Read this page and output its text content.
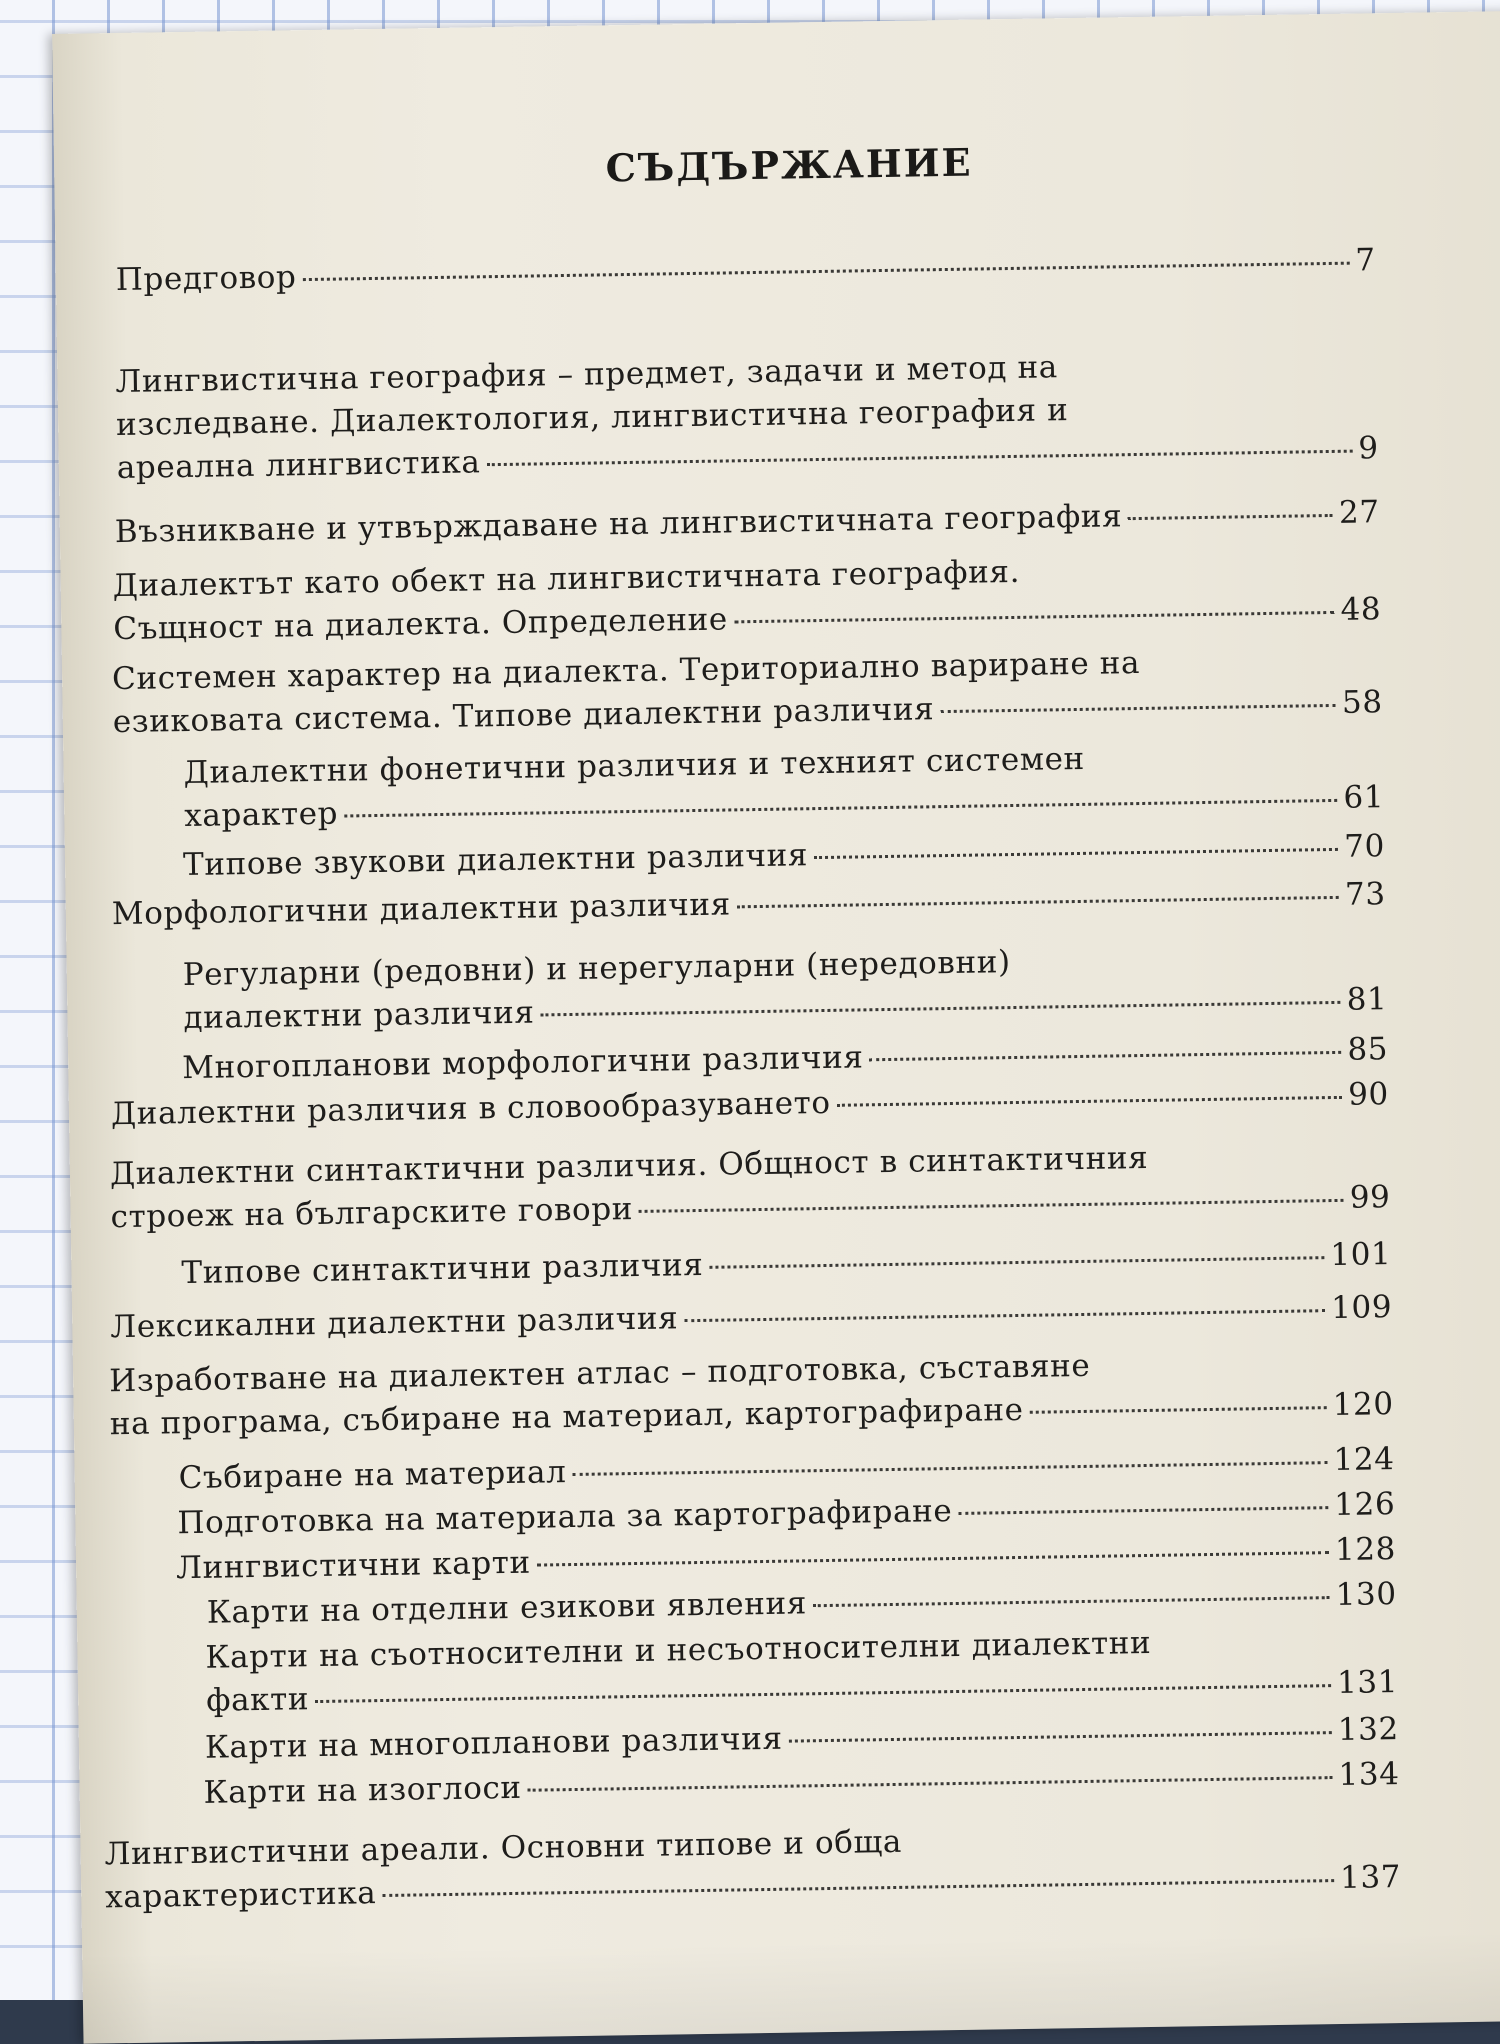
СЪДЪРЖАНИЕ
Предговор	7
Лингвистична география – предмет, задачи и метод на
изследване. Диалектология, лингвистична география и
ареална лингвистика	9
Възникване и утвърждаване на лингвистичната география	27
Диалектът като обект на лингвистичната география.
Същност на диалекта. Определение	48
Системен характер на диалекта. Териториално вариране на
езиковата система. Типове диалектни различия	58
Диалектни фонетични различия и техният системен
характер	61
Типове звукови диалектни различия	70
Морфологични диалектни различия	73
Регуларни (редовни) и нерегуларни (нередовни)
диалектни различия	81
Многопланови морфологични различия	85
Диалектни различия в словообразуването	90
Диалектни синтактични различия. Общност в синтактичния
строеж на българските говори	99
Типове синтактични различия	101
Лексикални диалектни различия	109
Изработване на диалектен атлас – подготовка, съставяне
на програма, събиране на материал, картографиране	120
Събиране на материал	124
Подготовка на материала за картографиране	126
Лингвистични карти	128
Карти на отделни езикови явления	130
Карти на съотносителни и несъотносителни диалектни
факти	131
Карти на многопланови различия	132
Карти на изоглоси	134
Лингвистични ареали. Основни типове и обща
характеристика	137
